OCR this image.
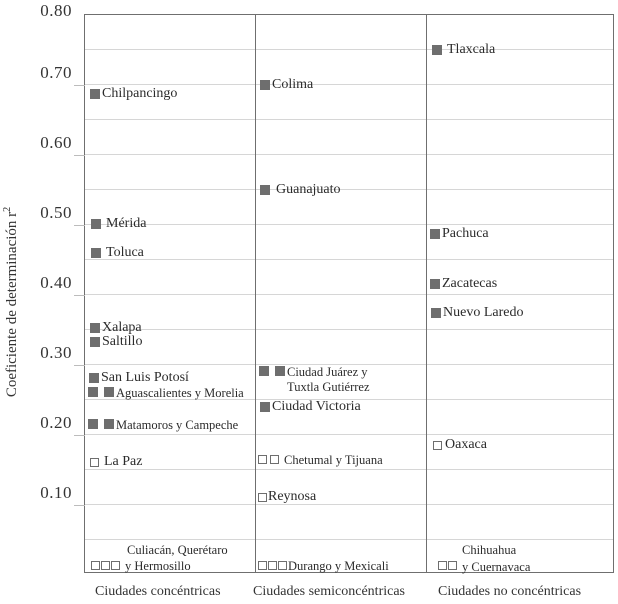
Coeficiente de determinación $r^2$
0.80
0.70
0.60
0.50
0.40
0.30
0.20
0.10
Chilpancingo
Mérida
Toluca
Xalapa
Saltillo
San Luis Potosí
Aguascalientes y Morelia
Matamoros y Campeche
La Paz
Culiacán, Querétaro
y Hermosillo
Colima
Guanajuato
Ciudad Juárez y
Tuxtla Gutiérrez
Ciudad Victoria
Chetumal y Tijuana
Reynosa
Durango y Mexicali
Tlaxcala
Pachuca
Zacatecas
Nuevo Laredo
Oaxaca
Chihuahua
y Cuernavaca
Ciudades concéntricas Ciudades semiconcéntricas Ciudades no concéntricas
